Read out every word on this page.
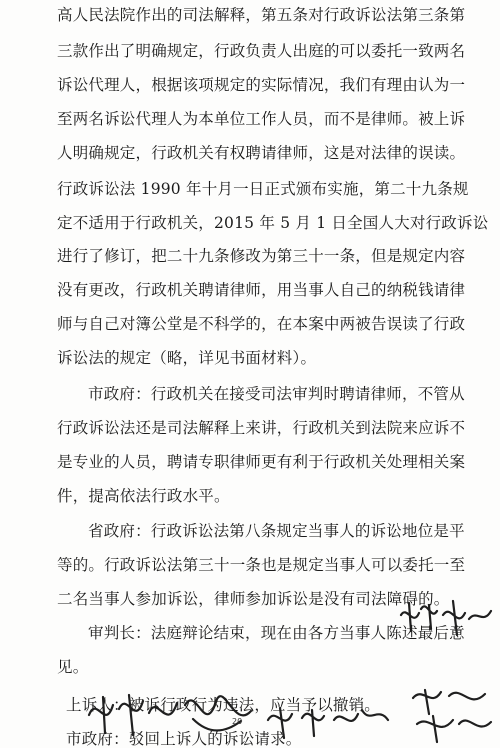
高人民法院作出的司法解释，第五条对行政诉讼法第三条第
三款作出了明确规定，行政负责人出庭的可以委托一致两名
诉讼代理人，根据该项规定的实际情况，我们有理由认为一
至两名诉讼代理人为本单位工作人员，而不是律师。被上诉
人明确规定，行政机关有权聘请律师，这是对法律的误读。
行政诉讼法 1990 年十月一日正式颁布实施，第二十九条规
定不适用于行政机关，2015 年 5 月 1 日全国人大对行政诉讼
进行了修订，把二十九条修改为第三十一条，但是规定内容
没有更改，行政机关聘请律师，用当事人自己的纳税钱请律
师与自己对簿公堂是不科学的，在本案中两被告误读了行政
诉讼法的规定（略，详见书面材料）。
市政府：行政机关在接受司法审判时聘请律师，不管从
行政诉讼法还是司法解释上来讲，行政机关到法院来应诉不
是专业的人员，聘请专职律师更有利于行政机关处理相关案
件，提高依法行政水平。
省政府：行政诉讼法第八条规定当事人的诉讼地位是平
等的。行政诉讼法第三十一条也是规定当事人可以委托一至
二名当事人参加诉讼，律师参加诉讼是没有司法障碍的。
审判长：法庭辩论结束，现在由各方当事人陈述最后意
见。
上诉人：被诉行政行为违法，应当予以撤销。
市政府：驳回上诉人的诉讼请求。
20
